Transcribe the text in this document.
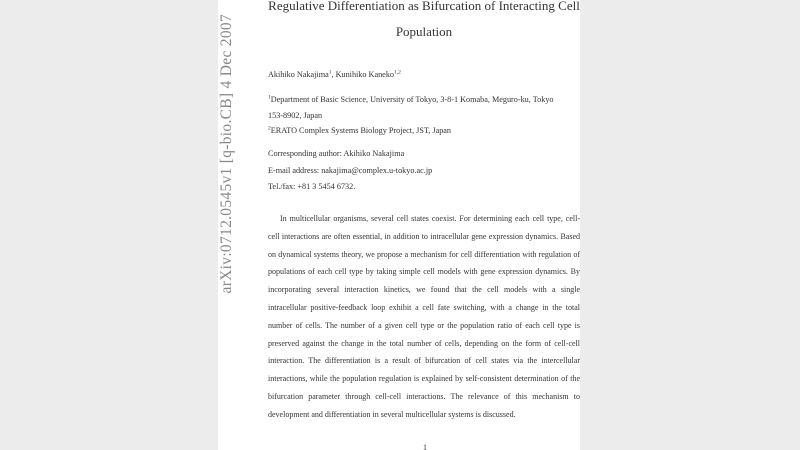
arXiv:0712.0545v1 [q-bio.CB] 4 Dec 2007
Regulative Differentiation as Bifurcation of Interacting Cell
Population
Akihiko Nakajima$^1$, Kunihiko Kaneko$^{1,2}$
$^1$Department of Basic Science, University of Tokyo, 3-8-1 Komaba, Meguro-ku, Tokyo
153-8902, Japan
$^2$ERATO Complex Systems Biology Project, JST, Japan
Corresponding author: Akihiko Nakajima
E-mail address: nakajima@complex.u-tokyo.ac.jp
Tel./fax: +81 3 5454 6732.

In multicellular organisms, several cell states coexist. For determining each cell type, cell-cell interactions are often essential, in addition to intracellular gene expression dynamics. Based on dynamical systems theory, we propose a mechanism for cell differentiation with regulation of populations of each cell type by taking simple cell models with gene expression dynamics. By incorporating several interaction kinetics, we found that the cell models with a single intracellular positive-feedback loop exhibit a cell fate switching, with a change in the total number of cells. The number of a given cell type or the population ratio of each cell type is preserved against the change in the total number of cells, depending on the form of cell-cell interaction. The differentiation is a result of bifurcation of cell states via the intercellular interactions, while the population regulation is explained by self-consistent determination of the bifurcation parameter through cell-cell interactions. The relevance of this mechanism to development and differentiation in several multicellular systems is discussed.

1
